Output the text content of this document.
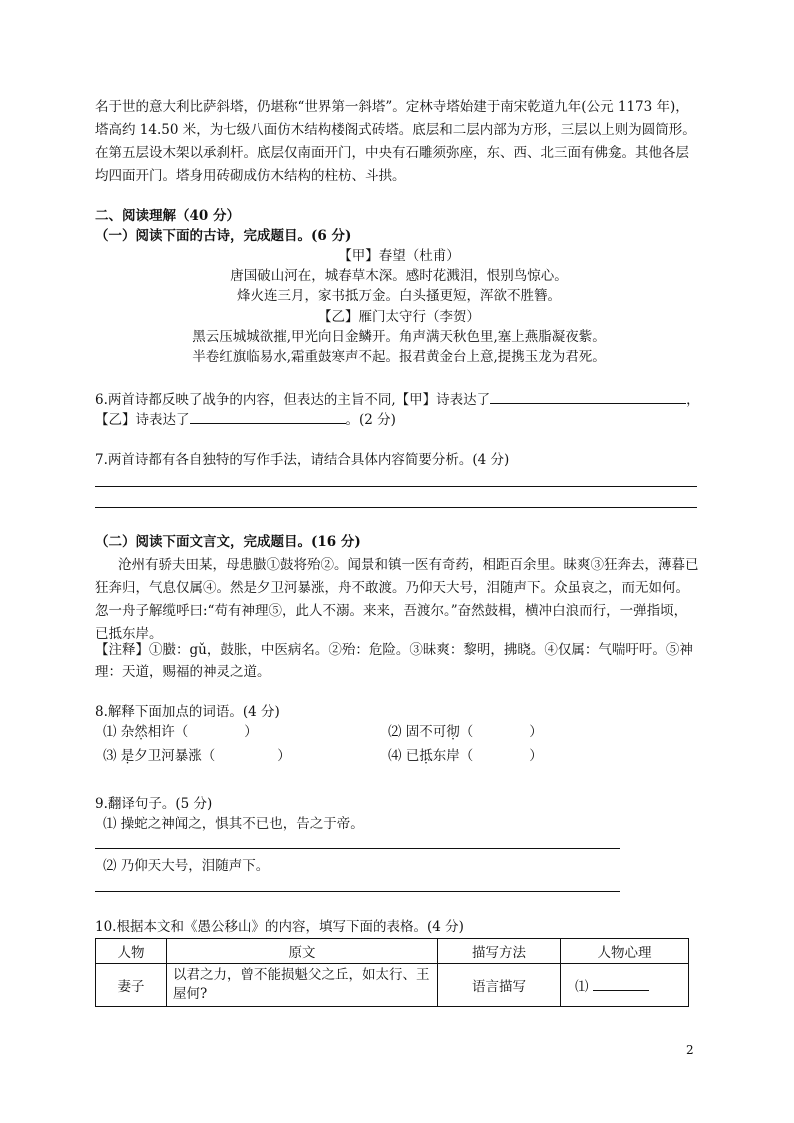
名于世的意大利比萨斜塔，仍堪称“世界第一斜塔”。定林寺塔始建于南宋乾道九年(公元 1173 年)，
塔高约 14.50 米，为七级八面仿木结构楼阁式砖塔。底层和二层内部为方形，三层以上则为圆筒形。
在第五层设木架以承刹杆。底层仅南面开门，中央有石雕须弥座，东、西、北三面有佛龛。其他各层
均四面开门。塔身用砖砌成仿木结构的柱枋、斗拱。
二、阅读理解（40 分）
（一）阅读下面的古诗，完成题目。(6 分)
【甲】春望（杜甫）
唐国破山河在，城春草木深。感时花溅泪，恨别鸟惊心。
烽火连三月，家书抵万金。白头搔更短，浑欲不胜簪。
【乙】雁门太守行（李贺）
黑云压城城欲摧,甲光向日金鳞开。角声满天秋色里,塞上燕脂凝夜紫。
半卷红旗临易水,霜重鼓寒声不起。报君黄金台上意,提携玉龙为君死。
6.两首诗都反映了战争的内容，但表达的主旨不同,【甲】诗表达了	，
【乙】诗表达了	。(2 分)
7.两首诗都有各自独特的写作手法，请结合具体内容简要分析。(4 分)
（二）阅读下面文言文，完成题目。(16 分)
沧州有骄夫田某，母患臌①鼓将殆②。闻景和镇一医有奇药，相距百余里。昧爽③狂奔去，薄暮已
狂奔归，气息仅属④。然是夕卫河暴涨，舟不敢渡。乃仰天大号，泪随声下。众虽哀之，而无如何。
忽一舟子解缆呼曰:“苟有神理⑤，此人不溺。来来，吾渡尔。”奋然鼓楫，横冲白浪而行，一弹指顷，
已抵东岸。
【注释】①臌：gǔ，鼓胀，中医病名。②殆：危险。③昧爽：黎明，拂晓。④仅属：气喘吁吁。⑤神
理：天道，赐福的神灵之道。
8.解释下面加点的词语。(4 分)
⑴ 杂然相许（	）	⑵ 固不可彻（	）
⑶ 是夕卫河暴涨（	）	⑷ 已抵东岸（	）
9.翻译句子。(5 分)
⑴ 操蛇之神闻之，惧其不已也，告之于帝。
⑵ 乃仰天大号，泪随声下。
10.根据本文和《愚公移山》的内容，填写下面的表格。(4 分)
人物	原文	描写方法	人物心理
妻子	以君之力，曾不能损魁父之丘，如太行、王屋何?	语言描写	⑴
2
